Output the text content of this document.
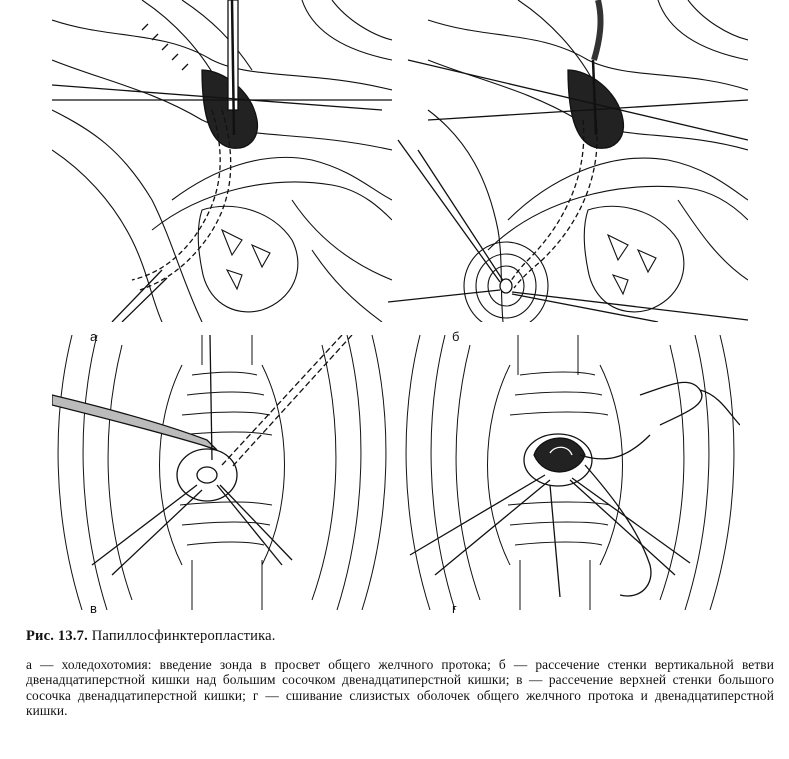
а	б
в	г

Рис. 13.7. Папиллосфинктеропластика.

а — холедохотомия: введение зонда в просвет общего желчного протока; б — рассечение стенки вертикальной ветви двенадцатиперстной кишки над большим сосочком двенадцатиперстной кишки; в — рассечение верхней стенки большого сосочка двенадцатиперстной кишки; г — сшивание слизистых оболочек общего желчного протока и двенадцатиперстной кишки.
